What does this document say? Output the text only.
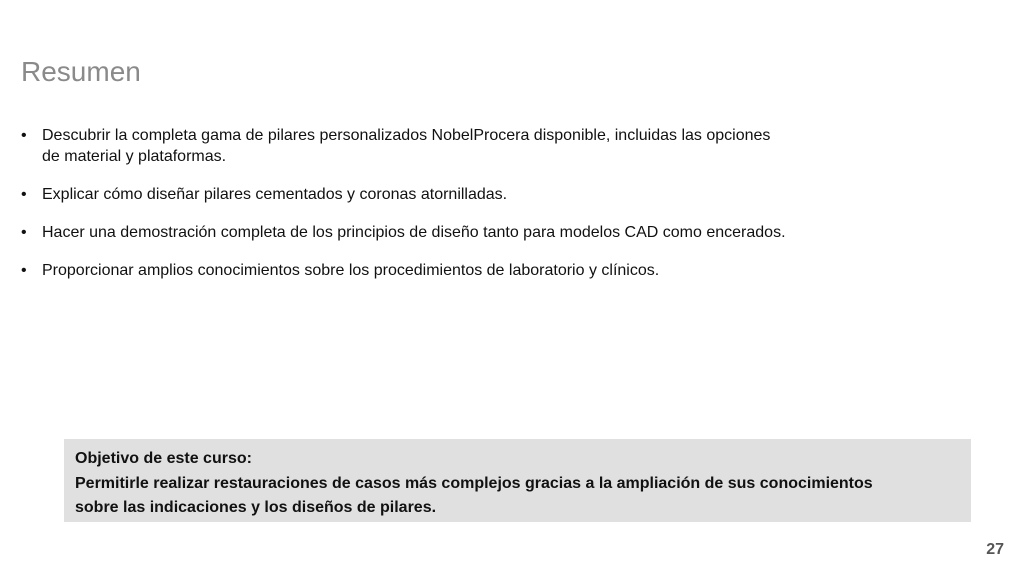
Resumen
• Descubrir la completa gama de pilares personalizados NobelProcera disponible, incluidas las opciones
de material y plataformas.
• Explicar cómo diseñar pilares cementados y coronas atornilladas.
• Hacer una demostración completa de los principios de diseño tanto para modelos CAD como encerados.
• Proporcionar amplios conocimientos sobre los procedimientos de laboratorio y clínicos.
Objetivo de este curso:
Permitirle realizar restauraciones de casos más complejos gracias a la ampliación de sus conocimientos
sobre las indicaciones y los diseños de pilares.
27
